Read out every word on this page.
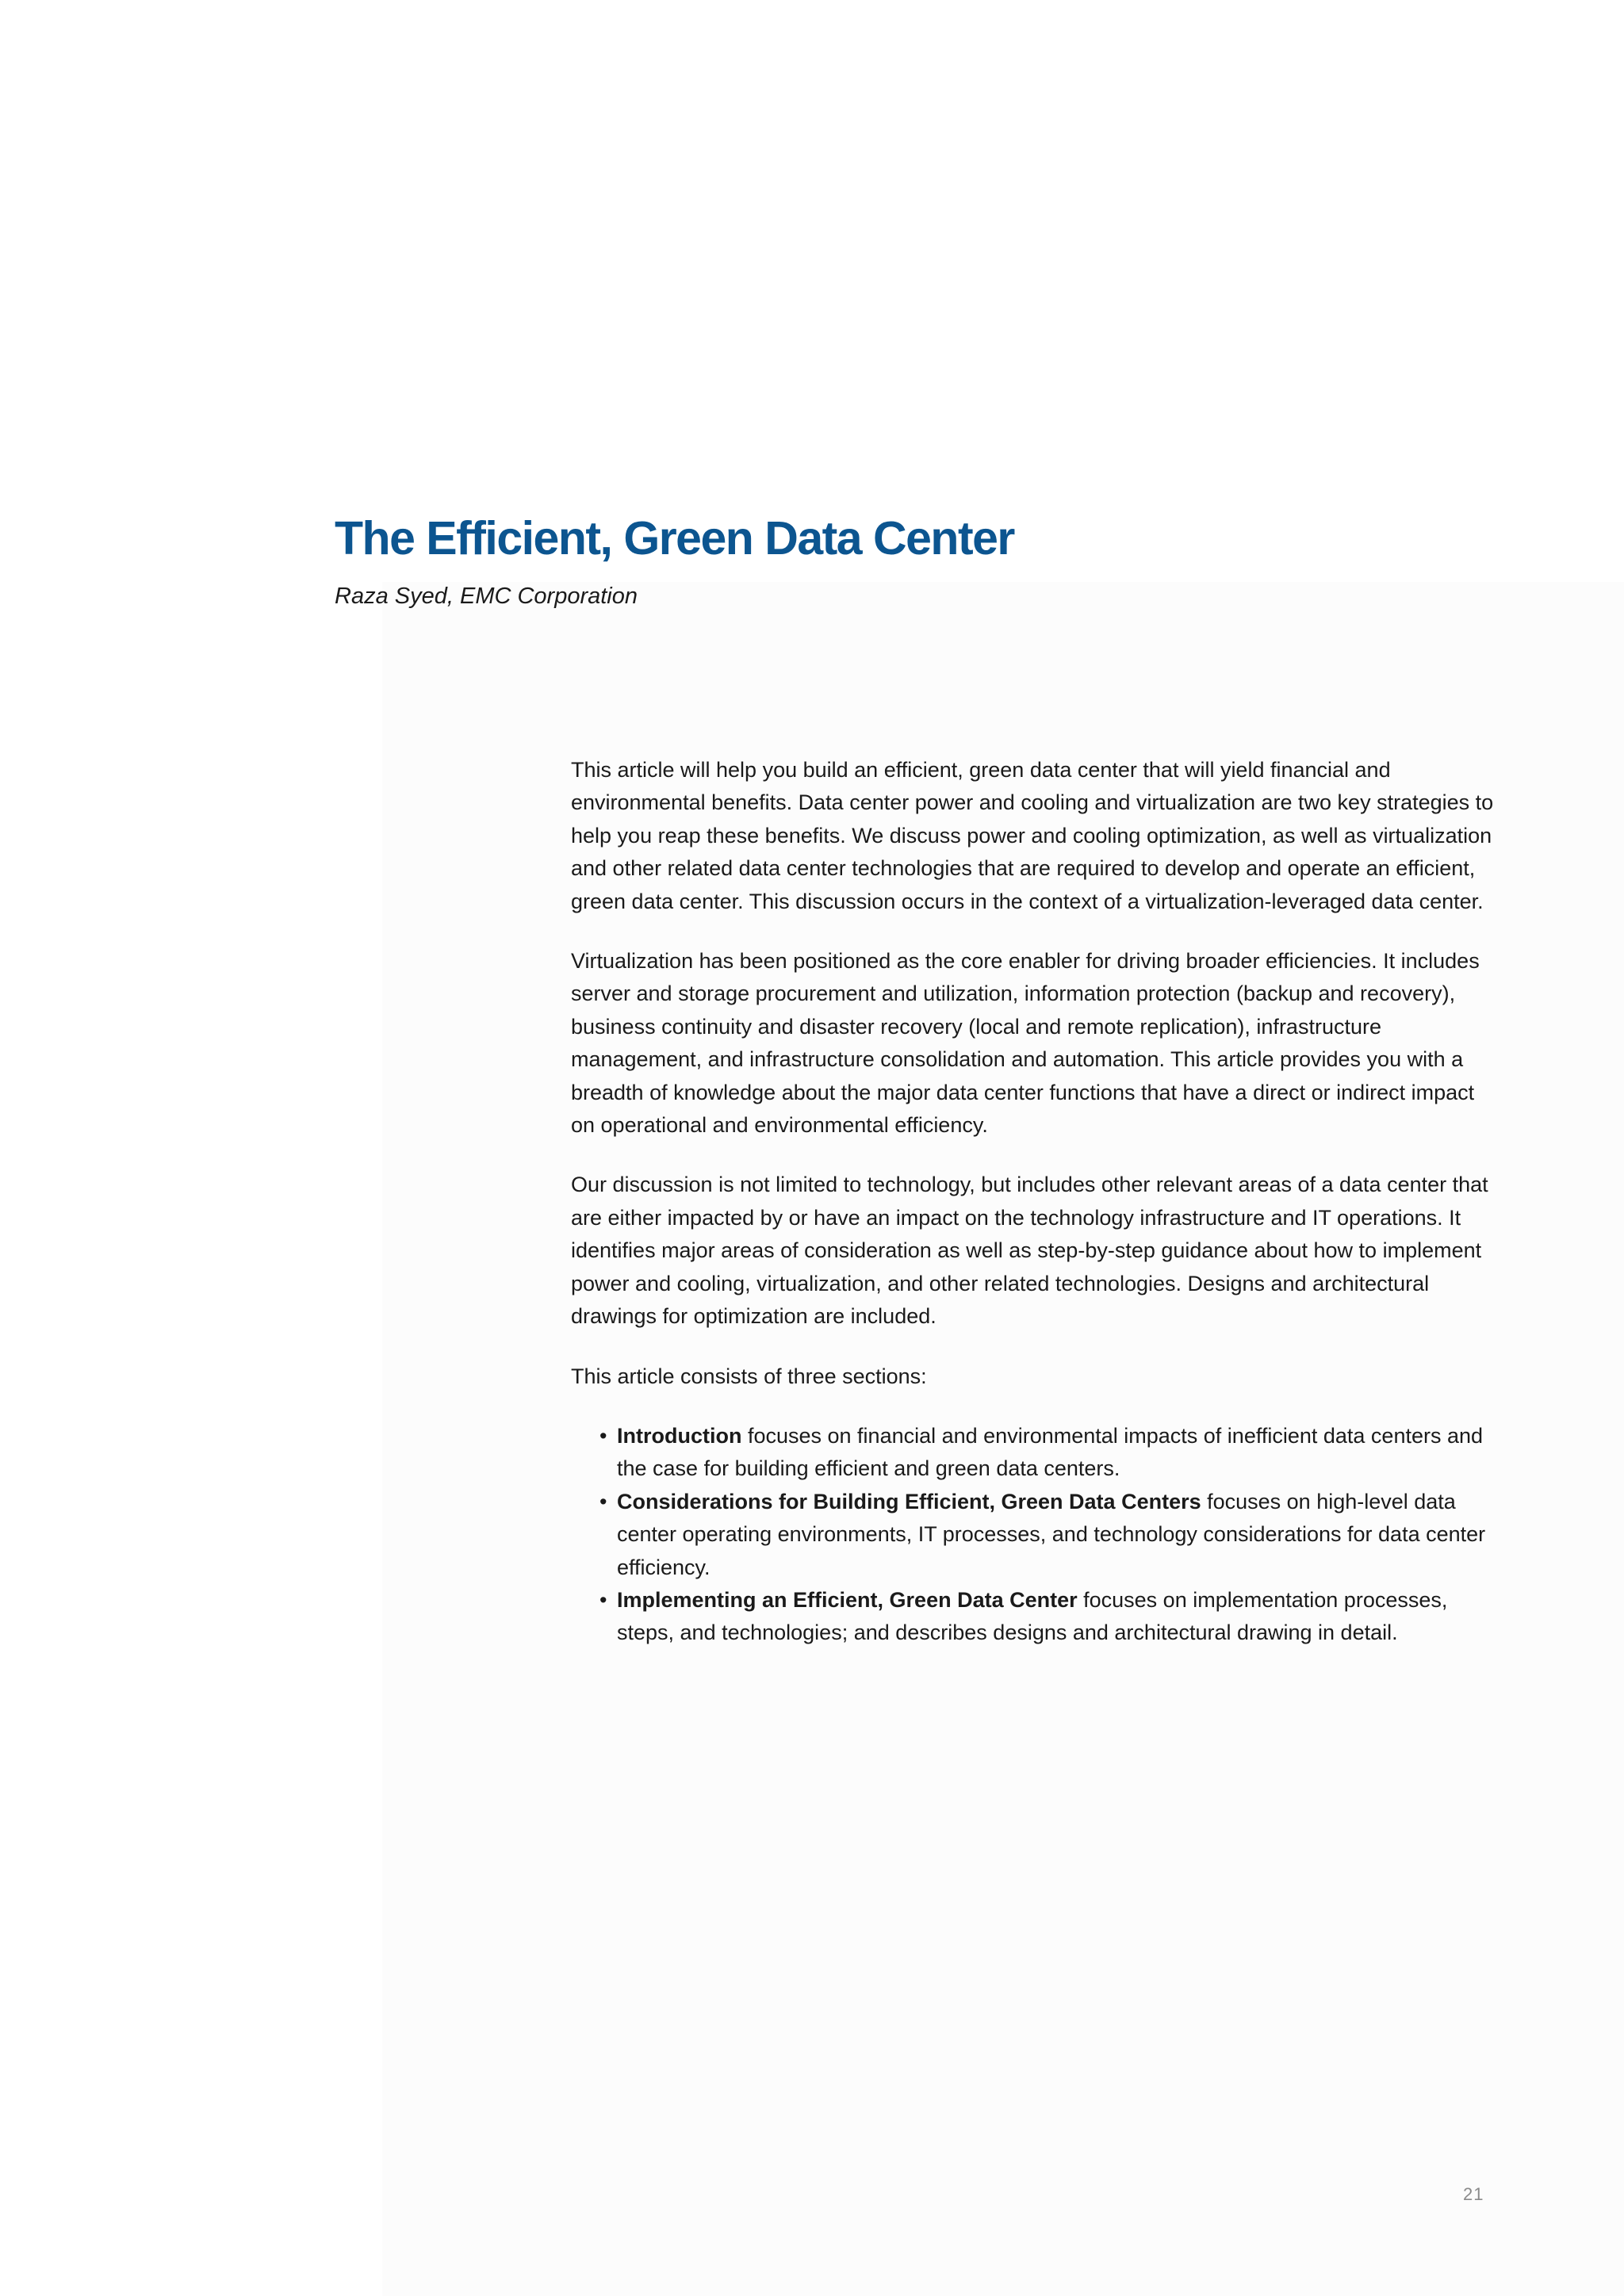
The Efficient, Green Data Center

Raza Syed, EMC Corporation

This article will help you build an efficient, green data center that will yield financial and environmental benefits. Data center power and cooling and virtualization are two key strategies to help you reap these benefits. We discuss power and cooling optimization, as well as virtualization and other related data center technologies that are required to develop and operate an efficient, green data center. This discussion occurs in the context of a virtualization-leveraged data center.

Virtualization has been positioned as the core enabler for driving broader efficiencies. It includes server and storage procurement and utilization, information protection (backup and recovery), business continuity and disaster recovery (local and remote replication), infrastructure management, and infrastructure consolidation and automation. This article provides you with a breadth of knowledge about the major data center functions that have a direct or indirect impact on operational and environmental efficiency.

Our discussion is not limited to technology, but includes other relevant areas of a data center that are either impacted by or have an impact on the technology infrastructure and IT operations. It identifies major areas of consideration as well as step-by-step guidance about how to implement power and cooling, virtualization, and other related technologies. Designs and architectural drawings for optimization are included.

This article consists of three sections:

• Introduction focuses on financial and environmental impacts of inefficient data centers and the case for building efficient and green data centers.
• Considerations for Building Efficient, Green Data Centers focuses on high-level data center operating environments, IT processes, and technology considerations for data center efficiency.
• Implementing an Efficient, Green Data Center focuses on implementation processes, steps, and technologies; and describes designs and architectural drawing in detail.
21
